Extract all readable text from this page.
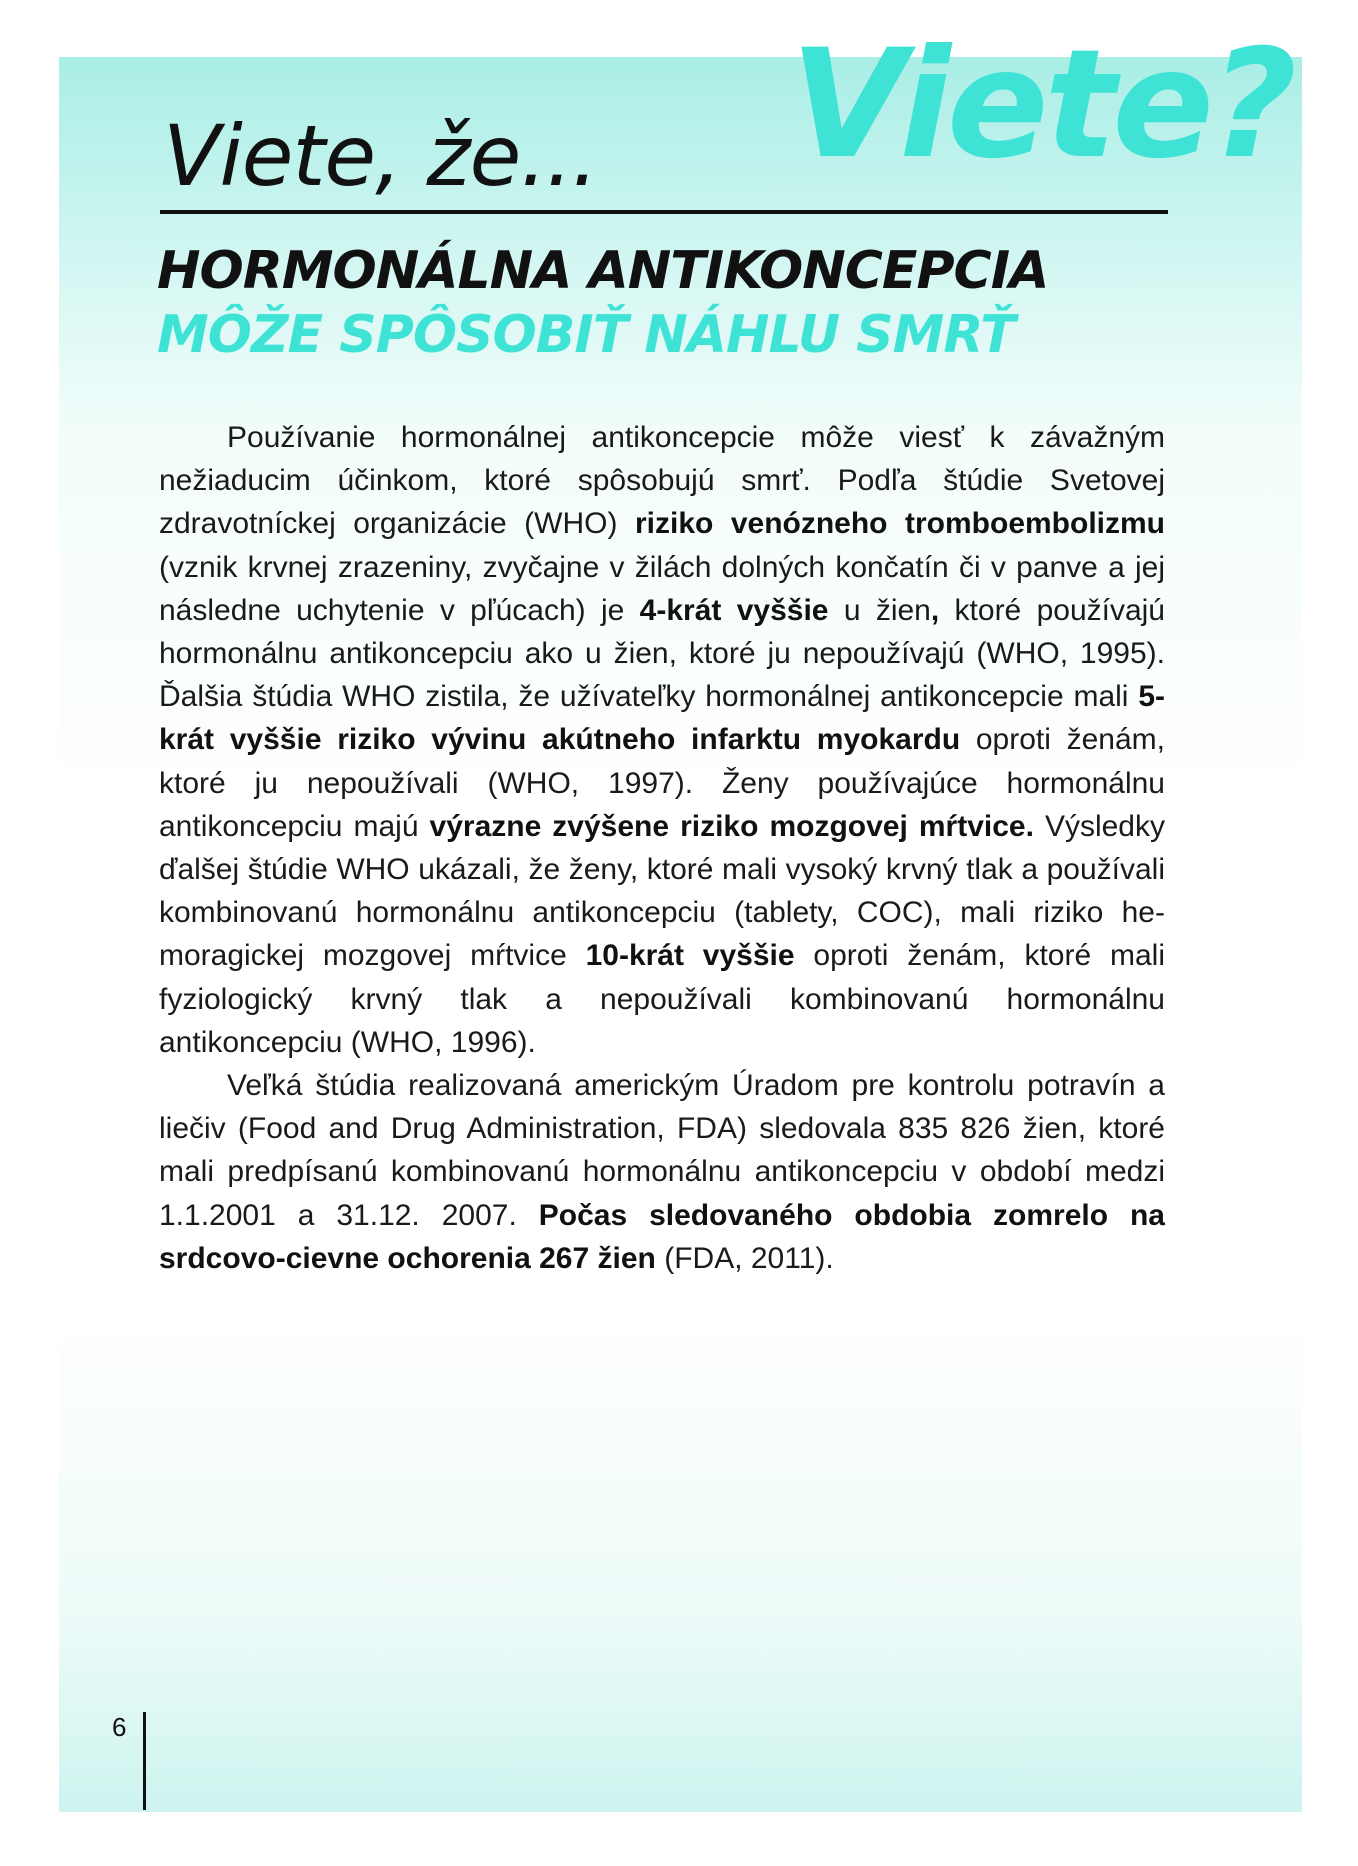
Viete?
Viete, že...
HORMONÁLNA ANTIKONCEPCIA
MÔŽE SPÔSOBIŤ NÁHLU SMRŤ

Používanie hormonálnej antikoncepcie môže viesť k závažným nežiaducim účinkom, ktoré spôsobujú smrť. Podľa štúdie Svetovej zdravotníckej organizácie (WHO) riziko venózneho tromboembolizmu (vznik krvnej zrazeniny, zvyčajne v žilách dolných končatín či v panve a jej následne uchytenie v pľúcach) je 4-krát vyššie u žien, ktoré používajú hormonálnu antikoncepciu ako u žien, ktoré ju nepoužívajú (WHO, 1995). Ďalšia štúdia WHO zistila, že užívateľky hormonálnej antikoncepcie mali 5-krát vyššie riziko vývinu akútneho infarktu myokardu oproti ženám, ktoré ju nepoužívali (WHO, 1997). Ženy používajúce hormonálnu antikoncepciu majú výrazne zvýšene riziko mozgovej mŕtvice. Výsledky ďalšej štúdie WHO ukázali, že ženy, ktoré mali vysoký krvný tlak a používali kombinovanú hormonálnu antikoncepciu (tablety, COC), mali riziko hemoragickej mozgovej mŕtvice 10-krát vyššie oproti ženám, ktoré mali fyziologický krvný tlak a nepoužívali kombinovanú hormonálnu antikoncepciu (WHO, 1996).

Veľká štúdia realizovaná americkým Úradom pre kontrolu potravín a liečiv (Food and Drug Administration, FDA) sledovala 835 826 žien, ktoré mali predpísanú kombinovanú hormonálnu antikoncepciu v období medzi 1.1.2001 a 31.12. 2007. Počas sledovaného obdobia zomrelo na srdcovo-cievne ochorenia 267 žien (FDA, 2011).

6
